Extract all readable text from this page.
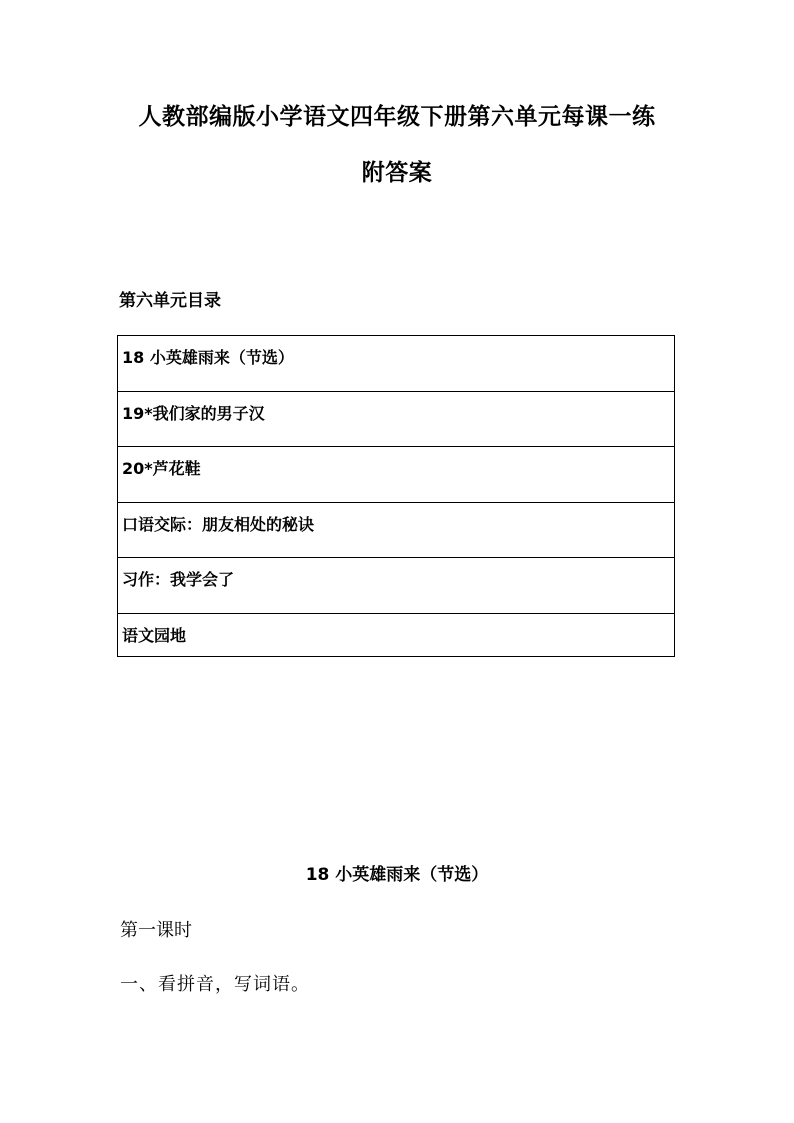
人教部编版小学语文四年级下册第六单元每课一练
附答案
第六单元目录
18 小英雄雨来（节选）
19*我们家的男子汉
20*芦花鞋
口语交际：朋友相处的秘诀
习作：我学会了
语文园地
18 小英雄雨来（节选）
第一课时
一、看拼音，写词语。
